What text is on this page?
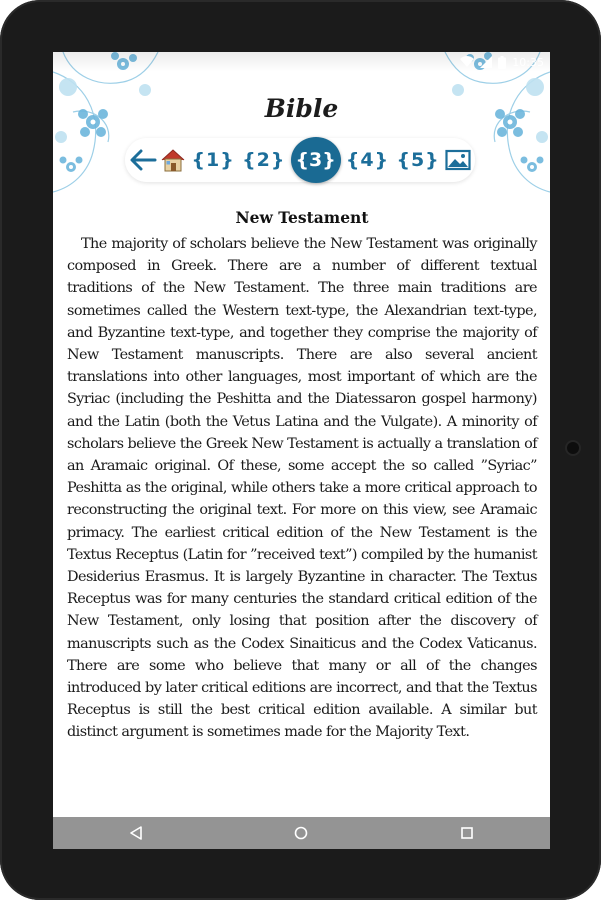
10:35
Bible
{1} {2} {3} {4} {5}
New Testament

The majority of scholars believe the New Testament was originally composed in Greek. There are a number of different textual traditions of the New Testament. The three main traditions are sometimes called the Western text-type, the Alexandrian text-type, and Byzantine text-type, and together they comprise the majority of New Testament manuscripts. There are also several ancient translations into other languages, most important of which are the Syriac (including the Peshitta and the Diatessaron gospel harmony) and the Latin (both the Vetus Latina and the Vulgate). A minority of scholars believe the Greek New Testament is actually a translation of an Aramaic original. Of these, some accept the so called ”Syriac” Peshitta as the original, while others take a more critical approach to reconstructing the original text. For more on this view, see Aramaic primacy. The earliest critical edition of the New Testament is the Textus Receptus (Latin for ”received text”) compiled by the humanist Desiderius Erasmus. It is largely Byzantine in character. The Textus Receptus was for many centuries the standard critical edition of the New Testament, only losing that position after the discovery of manuscripts such as the Codex Sinaiticus and the Codex Vaticanus. There are some who believe that many or all of the changes introduced by later critical editions are incorrect, and that the Textus Receptus is still the best critical edition available. A similar but distinct argument is sometimes made for the Majority Text.
